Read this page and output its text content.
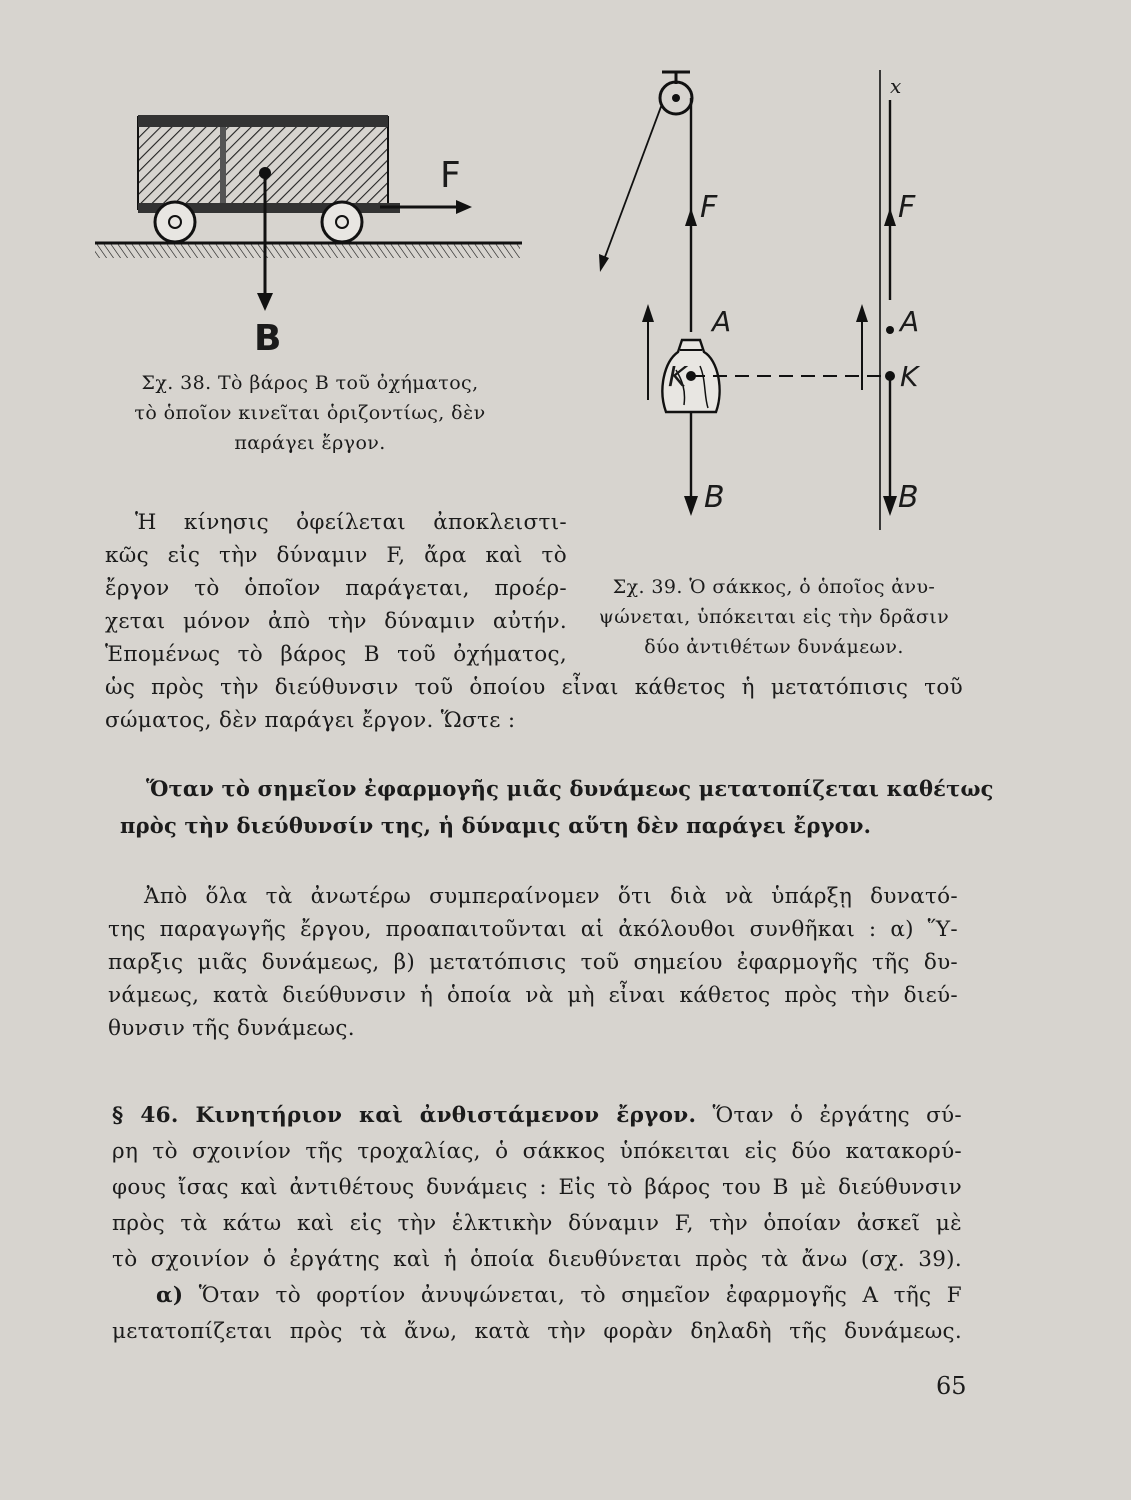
F
B
Σχ. 38. Τὸ βάρος Β τοῦ ὀχήματος,
τὸ ὁποῖον κινεῖται ὁριζοντίως, δὲν
παράγει ἔργον.
F
A
K
B
x
F
A
K
B
Σχ. 39. Ὁ σάκκος, ὁ ὁποῖος ἀνυ-
ψώνεται, ὑπόκειται εἰς τὴν δρᾶσιν
δύο ἀντιθέτων δυνάμεων.
Ἡ κίνησις ὀφείλεται ἀποκλειστι-
κῶς εἰς τὴν δύναμιν F, ἄρα καὶ τὸ
ἔργον τὸ ὁποῖον παράγεται, προέρ-
χεται μόνον ἀπὸ τὴν δύναμιν αὐτήν.
Ἑπομένως τὸ βάρος Β τοῦ ὀχήματος,
ὡς πρὸς τὴν διεύθυνσιν τοῦ ὁποίου εἶναι κάθετος ἡ μετατόπισις τοῦ
σώματος, δὲν παράγει ἔργον. Ὥστε :
Ὅταν τὸ σημεῖον ἐφαρμογῆς μιᾶς δυνάμεως μετατοπίζεται καθέτως
πρὸς τὴν διεύθυνσίν της, ἡ δύναμις αὕτη δὲν παράγει ἔργον.
Ἀπὸ ὅλα τὰ ἀνωτέρω συμπεραίνομεν ὅτι διὰ νὰ ὑπάρξῃ δυνατό-
της παραγωγῆς ἔργου, προαπαιτοῦνται αἱ ἀκόλουθοι συνθῆκαι : α) Ὕ-
παρξις μιᾶς δυνάμεως, β) μετατόπισις τοῦ σημείου ἐφαρμογῆς τῆς δυ-
νάμεως, κατὰ διεύθυνσιν ἡ ὁποία νὰ μὴ εἶναι κάθετος πρὸς τὴν διεύ-
θυνσιν τῆς δυνάμεως.
§ 46. Κινητήριον καὶ ἀνθιστάμενον ἔργον. Ὅταν ὁ ἐργάτης σύ-
ρη τὸ σχοινίον τῆς τροχαλίας, ὁ σάκκος ὑπόκειται εἰς δύο κατακορύ-
φους ἴσας καὶ ἀντιθέτους δυνάμεις : Εἰς τὸ βάρος του Β μὲ διεύθυνσιν
πρὸς τὰ κάτω καὶ εἰς τὴν ἑλκτικὴν δύναμιν F, τὴν ὁποίαν ἀσκεῖ μὲ
τὸ σχοινίον ὁ ἐργάτης καὶ ἡ ὁποία διευθύνεται πρὸς τὰ ἄνω (σχ. 39).
α) Ὅταν τὸ φορτίον ἀνυψώνεται, τὸ σημεῖον ἐφαρμογῆς Α τῆς F
μετατοπίζεται πρὸς τὰ ἄνω, κατὰ τὴν φορὰν δηλαδὴ τῆς δυνάμεως.
65
